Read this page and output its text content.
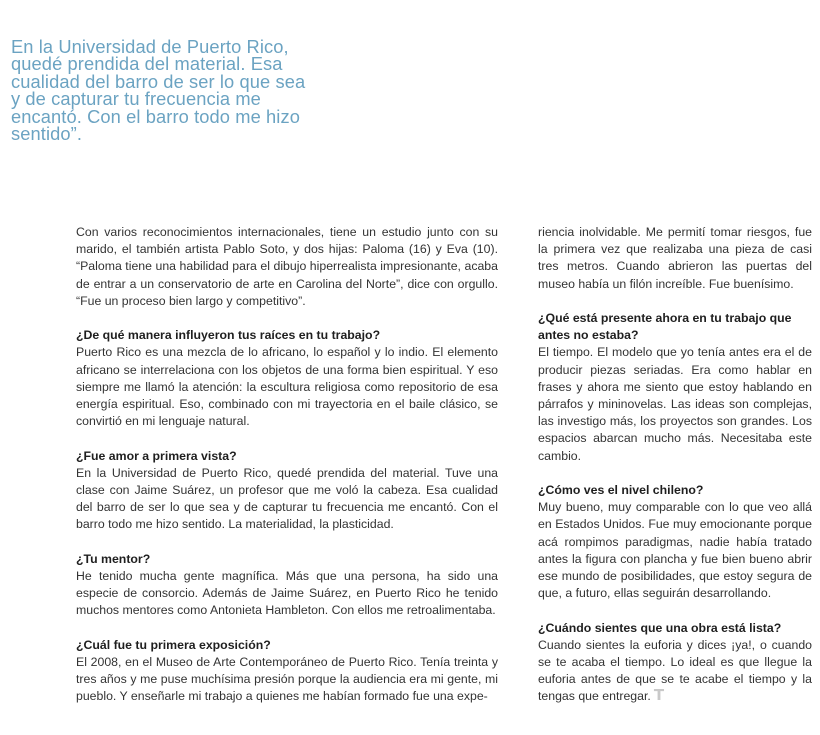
En la Universidad de Puerto Rico, quedé prendida del material. Esa cualidad del barro de ser lo que sea y de capturar tu frecuencia me encantó. Con el barro todo me hizo sentido”.

Con varios reconocimientos internacionales, tiene un estudio junto con su marido, el también artista Pablo Soto, y dos hijas: Paloma (16) y Eva (10). “Paloma tiene una habilidad para el dibujo hiperrealista impresionante, acaba de entrar a un conservatorio de arte en Carolina del Norte”, dice con orgullo. “Fue un proceso bien largo y competitivo”.

¿De qué manera influyeron tus raíces en tu trabajo?

Puerto Rico es una mezcla de lo africano, lo español y lo indio. El elemento africano se interrelaciona con los objetos de una forma bien espiritual. Y eso siempre me llamó la atención: la escultura religiosa como repositorio de esa energía espiritual. Eso, combinado con mi trayectoria en el baile clásico, se convirtió en mi lenguaje natural.

¿Fue amor a primera vista?

En la Universidad de Puerto Rico, quedé prendida del material. Tuve una clase con Jaime Suárez, un profesor que me voló la cabeza. Esa cualidad del barro de ser lo que sea y de capturar tu frecuencia me encantó. Con el barro todo me hizo sentido. La materialidad, la plasticidad.

¿Tu mentor?

He tenido mucha gente magnífica. Más que una persona, ha sido una especie de consorcio. Además de Jaime Suárez, en Puerto Rico he tenido muchos mentores como Antonieta Hambleton. Con ellos me retroalimentaba.

¿Cuál fue tu primera exposición?

El 2008, en el Museo de Arte Contemporáneo de Puerto Rico. Tenía treinta y tres años y me puse muchísima presión porque la audiencia era mi gente, mi pueblo. Y enseñarle mi trabajo a quienes me habían formado fue una expe-

riencia inolvidable. Me permití tomar riesgos, fue la primera vez que realizaba una pieza de casi tres metros. Cuando abrieron las puertas del museo había un filón increíble. Fue buenísimo.

¿Qué está presente ahora en tu trabajo que antes no estaba?

El tiempo. El modelo que yo tenía antes era el de producir piezas seriadas. Era como hablar en frases y ahora me siento que estoy hablando en párrafos y mininovelas. Las ideas son complejas, las investigo más, los proyectos son grandes. Los espacios abarcan mucho más. Necesitaba este cambio.

¿Cómo ves el nivel chileno?

Muy bueno, muy comparable con lo que veo allá en Estados Unidos. Fue muy emocionante porque acá rompimos paradigmas, nadie había tratado antes la figura con plancha y fue bien bueno abrir ese mundo de posibilidades, que estoy segura de que, a futuro, ellas seguirán desarrollando.

¿Cuándo sientes que una obra está lista?

Cuando sientes la euforia y dices ¡ya!, o cuando se te acaba el tiempo. Lo ideal es que llegue la euforia antes de que se te acabe el tiempo y la tengas que entregar. T
